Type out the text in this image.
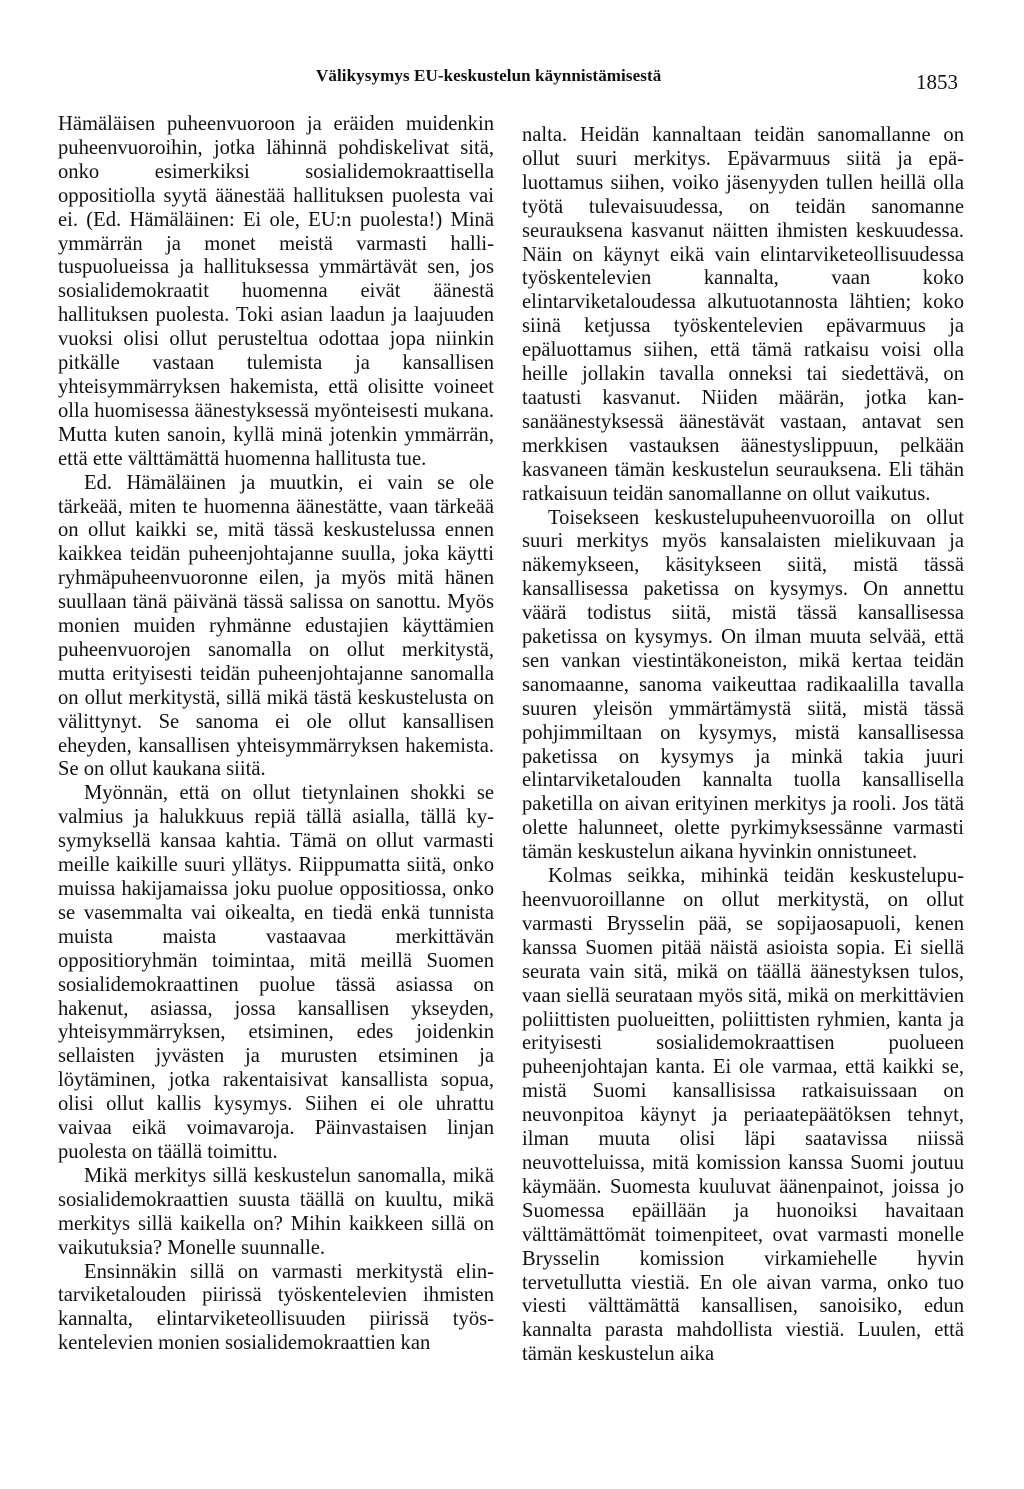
Välikysymys EU-keskustelun käynnistämisestä	1853

Hämäläisen puheenvuoroon ja eräiden muidenkin puheenvuoroihin, jotka lähinnä pohdiskelivat sitä, onko esimerkiksi sosialidemokraattisella oppositiolla syytä äänestää hallituksen puolesta vai ei. (Ed. Hämäläinen: Ei ole, EU:n puolesta!) Minä ymmärrän ja monet meistä varmasti hallituspuolueissa ja hallituksessa ymmärtävät sen, jos sosialidemokraatit huomenna eivät äänestä hallituksen puolesta. Toki asian laadun ja laajuuden vuoksi olisi ollut perusteltua odottaa jopa niinkin pitkälle vastaan tulemista ja kansallisen yhteisymmärryksen hakemista, että olisitte voineet olla huomisessa äänestyksessä myönteisesti mukana. Mutta kuten sanoin, kyllä minä jotenkin ymmärrän, että ette välttämättä huomenna hallitusta tue.

Ed. Hämäläinen ja muutkin, ei vain se ole tärkeää, miten te huomenna äänestätte, vaan tärkeää on ollut kaikki se, mitä tässä keskustelussa ennen kaikkea teidän puheenjohtajanne suulla, joka käytti ryhmäpuheenvuoronne eilen, ja myös mitä hänen suullaan tänä päivänä tässä salissa on sanottu. Myös monien muiden ryhmänne edustajien käyttämien puheenvuorojen sanomalla on ollut merkitystä, mutta erityisesti teidän puheenjohtajanne sanomalla on ollut merkitystä, sillä mikä tästä keskustelusta on välittynyt. Se sanoma ei ole ollut kansallisen eheyden, kansallisen yhteisymmärryksen hakemista. Se on ollut kaukana siitä.

Myönnän, että on ollut tietynlainen shokki se valmius ja halukkuus repiä tällä asialla, tällä kysymyksellä kansaa kahtia. Tämä on ollut varmasti meille kaikille suuri yllätys. Riippumatta siitä, onko muissa hakijamaissa joku puolue oppositiossa, onko se vasemmalta vai oikealta, en tiedä enkä tunnista muista maista vastaavaa merkittävän oppositioryhmän toimintaa, mitä meillä Suomen sosialidemokraattinen puolue tässä asiassa on hakenut, asiassa, jossa kansallisen ykseyden, yhteisymmärryksen, etsiminen, edes joidenkin sellaisten jyvästen ja murusten etsiminen ja löytäminen, jotka rakentaisivat kansallista sopua, olisi ollut kallis kysymys. Siihen ei ole uhrattu vaivaa eikä voimavaroja. Päinvastaisen linjan puolesta on täällä toimittu.

Mikä merkitys sillä keskustelun sanomalla, mikä sosialidemokraattien suusta täällä on kuultu, mikä merkitys sillä kaikella on? Mihin kaikkeen sillä on vaikutuksia? Monelle suunnalle.

Ensinnäkin sillä on varmasti merkitystä elintarviketalouden piirissä työskentelevien ihmisten kannalta, elintarviketeollisuuden piirissä työskentelevien monien sosialidemokraattien kan

nalta. Heidän kannaltaan teidän sanomallanne on ollut suuri merkitys. Epävarmuus siitä ja epäluottamus siihen, voiko jäsenyyden tullen heillä olla työtä tulevaisuudessa, on teidän sanomanne seurauksena kasvanut näitten ihmisten keskuudessa. Näin on käynyt eikä vain elintarviketeollisuudessa työskentelevien kannalta, vaan koko elintarviketaloudessa alkutuotannosta lähtien; koko siinä ketjussa työskentelevien epävarmuus ja epäluottamus siihen, että tämä ratkaisu voisi olla heille jollakin tavalla onneksi tai siedettävä, on taatusti kasvanut. Niiden määrän, jotka kansanäänestyksessä äänestävät vastaan, antavat sen merkkisen vastauksen äänestyslippuun, pelkään kasvaneen tämän keskustelun seurauksena. Eli tähän ratkaisuun teidän sanomallanne on ollut vaikutus.

Toisekseen keskustelupuheenvuoroilla on ollut suuri merkitys myös kansalaisten mielikuvaan ja näkemykseen, käsitykseen siitä, mistä tässä kansallisessa paketissa on kysymys. On annettu väärä todistus siitä, mistä tässä kansallisessa paketissa on kysymys. On ilman muuta selvää, että sen vankan viestintäkoneiston, mikä kertaa teidän sanomaanne, sanoma vaikeuttaa radikaalilla tavalla suuren yleisön ymmärtämystä siitä, mistä tässä pohjimmiltaan on kysymys, mistä kansallisessa paketissa on kysymys ja minkä takia juuri elintarviketalouden kannalta tuolla kansallisella paketilla on aivan erityinen merkitys ja rooli. Jos tätä olette halunneet, olette pyrkimyksessänne varmasti tämän keskustelun aikana hyvinkin onnistuneet.

Kolmas seikka, mihinkä teidän keskustelupuheenvuoroillanne on ollut merkitystä, on ollut varmasti Brysselin pää, se sopijaosapuoli, kenen kanssa Suomen pitää näistä asioista sopia. Ei siellä seurata vain sitä, mikä on täällä äänestyksen tulos, vaan siellä seurataan myös sitä, mikä on merkittävien poliittisten puolueitten, poliittisten ryhmien, kanta ja erityisesti sosialidemokraattisen puolueen puheenjohtajan kanta. Ei ole varmaa, että kaikki se, mistä Suomi kansallisissa ratkaisuissaan on neuvonpitoa käynyt ja periaatepäätöksen tehnyt, ilman muuta olisi läpi saatavissa niissä neuvotteluissa, mitä komission kanssa Suomi joutuu käymään. Suomesta kuuluvat äänenpainot, joissa jo Suomessa epäillään ja huonoiksi havaitaan välttämättömät toimenpiteet, ovat varmasti monelle Brysselin komission virkamiehelle hyvin tervetullutta viestiä. En ole aivan varma, onko tuo viesti välttämättä kansallisen, sanoisiko, edun kannalta parasta mahdollista viestiä. Luulen, että tämän keskustelun aika
